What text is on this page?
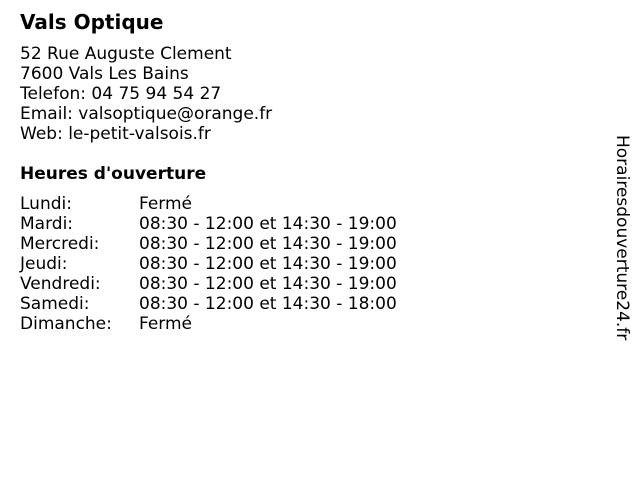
Vals Optique
52 Rue Auguste Clement
7600 Vals Les Bains
Telefon: 04 75 94 54 27
Email: valsoptique@orange.fr
Web: le-petit-valsois.fr
Heures d'ouverture
Lundi:	Fermé
Mardi:	08:30 - 12:00 et 14:30 - 19:00
Mercredi: 08:30 - 12:00 et 14:30 - 19:00
Jeudi:	08:30 - 12:00 et 14:30 - 19:00
Vendredi: 08:30 - 12:00 et 14:30 - 19:00
Samedi:	08:30 - 12:00 et 14:30 - 18:00
Dimanche: Fermé	Horairesdouverture24.fr
